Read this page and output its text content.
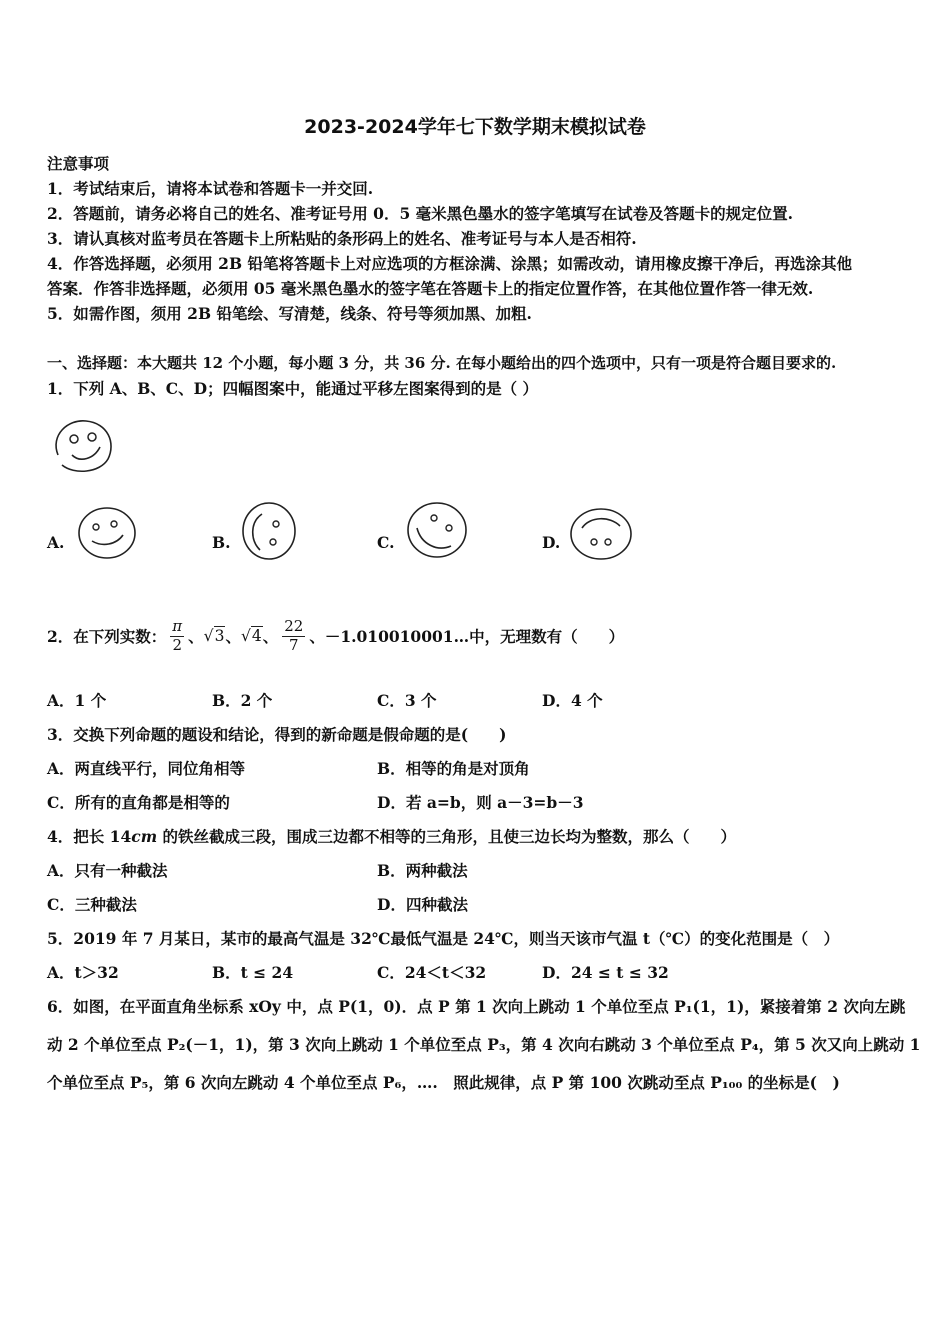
2023-2024学年七下数学期末模拟试卷
注意事项
1．考试结束后，请将本试卷和答题卡一并交回.
2．答题前，请务必将自己的姓名、准考证号用 0．5 毫米黑色墨水的签字笔填写在试卷及答题卡的规定位置.
3．请认真核对监考员在答题卡上所粘贴的条形码上的姓名、准考证号与本人是否相符.
4．作答选择题，必须用 2B 铅笔将答题卡上对应选项的方框涂满、涂黑；如需改动，请用橡皮擦干净后，再选涂其他
答案．作答非选择题，必须用 05 毫米黑色墨水的签字笔在答题卡上的指定位置作答，在其他位置作答一律无效.
5．如需作图，须用 2B 铅笔绘、写清楚，线条、符号等须加黑、加粗.
一、选择题：本大题共 12 个小题，每小题 3 分，共 36 分. 在每小题给出的四个选项中，只有一项是符合题目要求的.
1．下列 A、B、C、D；四幅图案中，能通过平移左图案得到的是（ ）
A.	B.	C.	D.
2．在下列实数： $\frac{\pi}{2}$ 、 √3 、 √4 、 $\frac{22}{7}$ 、－1.010010001…中，无理数有（　　）
A．1 个	B．2 个	C．3 个	D．4 个
3．交换下列命题的题设和结论，得到的新命题是假命题的是(　　)
A．两直线平行，同位角相等	B．相等的角是对顶角
C．所有的直角都是相等的	D．若 a=b，则 a－3=b－3
4．把长 14cm 的铁丝截成三段，围成三边都不相等的三角形，且使三边长均为整数，那么（　　）
A．只有一种截法	B．两种截法
C．三种截法	D．四种截法
5．2019 年 7 月某日，某市的最高气温是 32℃最低气温是 24℃，则当天该市气温 t（℃）的变化范围是（　）
A．t＞32	B．t ≤ 24	C．24＜t＜32	D．24 ≤ t ≤ 32
6．如图，在平面直角坐标系 xOy 中，点 P(1，0)．点 P 第 1 次向上跳动 1 个单位至点 P₁(1，1)，紧接着第 2 次向左跳
动 2 个单位至点 P₂(－1，1)，第 3 次向上跳动 1 个单位至点 P₃，第 4 次向右跳动 3 个单位至点 P₄，第 5 次又向上跳动 1
个单位至点 P₅，第 6 次向左跳动 4 个单位至点 P₆，….　照此规律，点 P 第 100 次跳动至点 P₁₀₀ 的坐标是(　)
